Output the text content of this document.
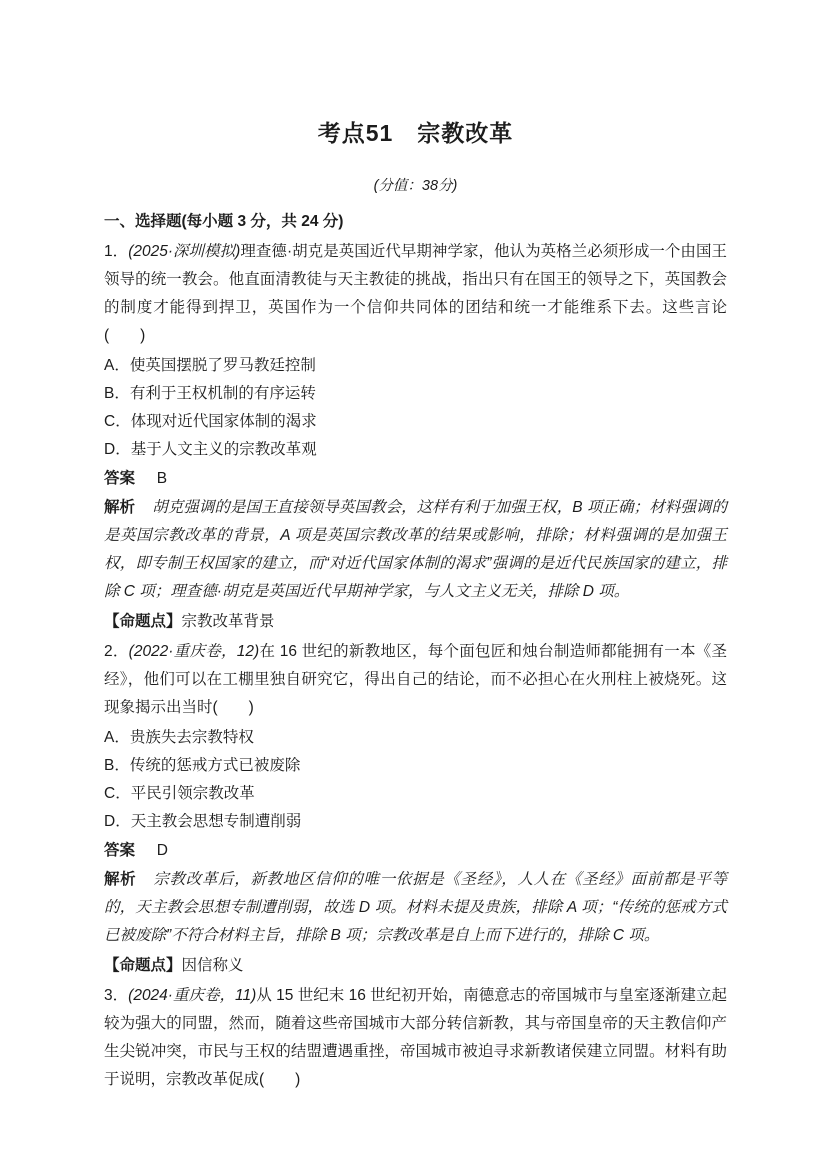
考点51　宗教改革
(分值：38分)
一、选择题(每小题 3 分，共 24 分)

1．(2025·深圳模拟)理查德·胡克是英国近代早期神学家，他认为英格兰必须形成一个由国王领导的统一教会。他直面清教徒与天主教徒的挑战，指出只有在国王的领导之下，英国教会的制度才能得到捍卫，英国作为一个信仰共同体的团结和统一才能维系下去。这些言论(　　)

A．使英国摆脱了罗马教廷控制
B．有利于王权机制的有序运转
C．体现对近代国家体制的渴求
D．基于人文主义的宗教改革观

答案 B

解析 胡克强调的是国王直接领导英国教会，这样有利于加强王权，B 项正确；材料强调的是英国宗教改革的背景，A 项是英国宗教改革的结果或影响，排除；材料强调的是加强王权，即专制王权国家的建立，而“对近代国家体制的渴求”强调的是近代民族国家的建立，排除 C 项；理查德·胡克是英国近代早期神学家，与人文主义无关，排除 D 项。

【命题点】宗教改革背景

2．(2022·重庆卷，12)在 16 世纪的新教地区，每个面包匠和烛台制造师都能拥有一本《圣经》，他们可以在工棚里独自研究它，得出自己的结论，而不必担心在火刑柱上被烧死。这现象揭示出当时(　　)

A．贵族失去宗教特权
B．传统的惩戒方式已被废除
C．平民引领宗教改革
D．天主教会思想专制遭削弱

答案 D

解析 宗教改革后，新教地区信仰的唯一依据是《圣经》，人人在《圣经》面前都是平等的，天主教会思想专制遭削弱，故选 D 项。材料未提及贵族，排除 A 项；“传统的惩戒方式已被废除”不符合材料主旨，排除 B 项；宗教改革是自上而下进行的，排除 C 项。

【命题点】因信称义

3．(2024·重庆卷，11)从 15 世纪末 16 世纪初开始，南德意志的帝国城市与皇室逐渐建立起较为强大的同盟，然而，随着这些帝国城市大部分转信新教，其与帝国皇帝的天主教信仰产生尖锐冲突，市民与王权的结盟遭遇重挫，帝国城市被迫寻求新教诸侯建立同盟。材料有助于说明，宗教改革促成(　　)
